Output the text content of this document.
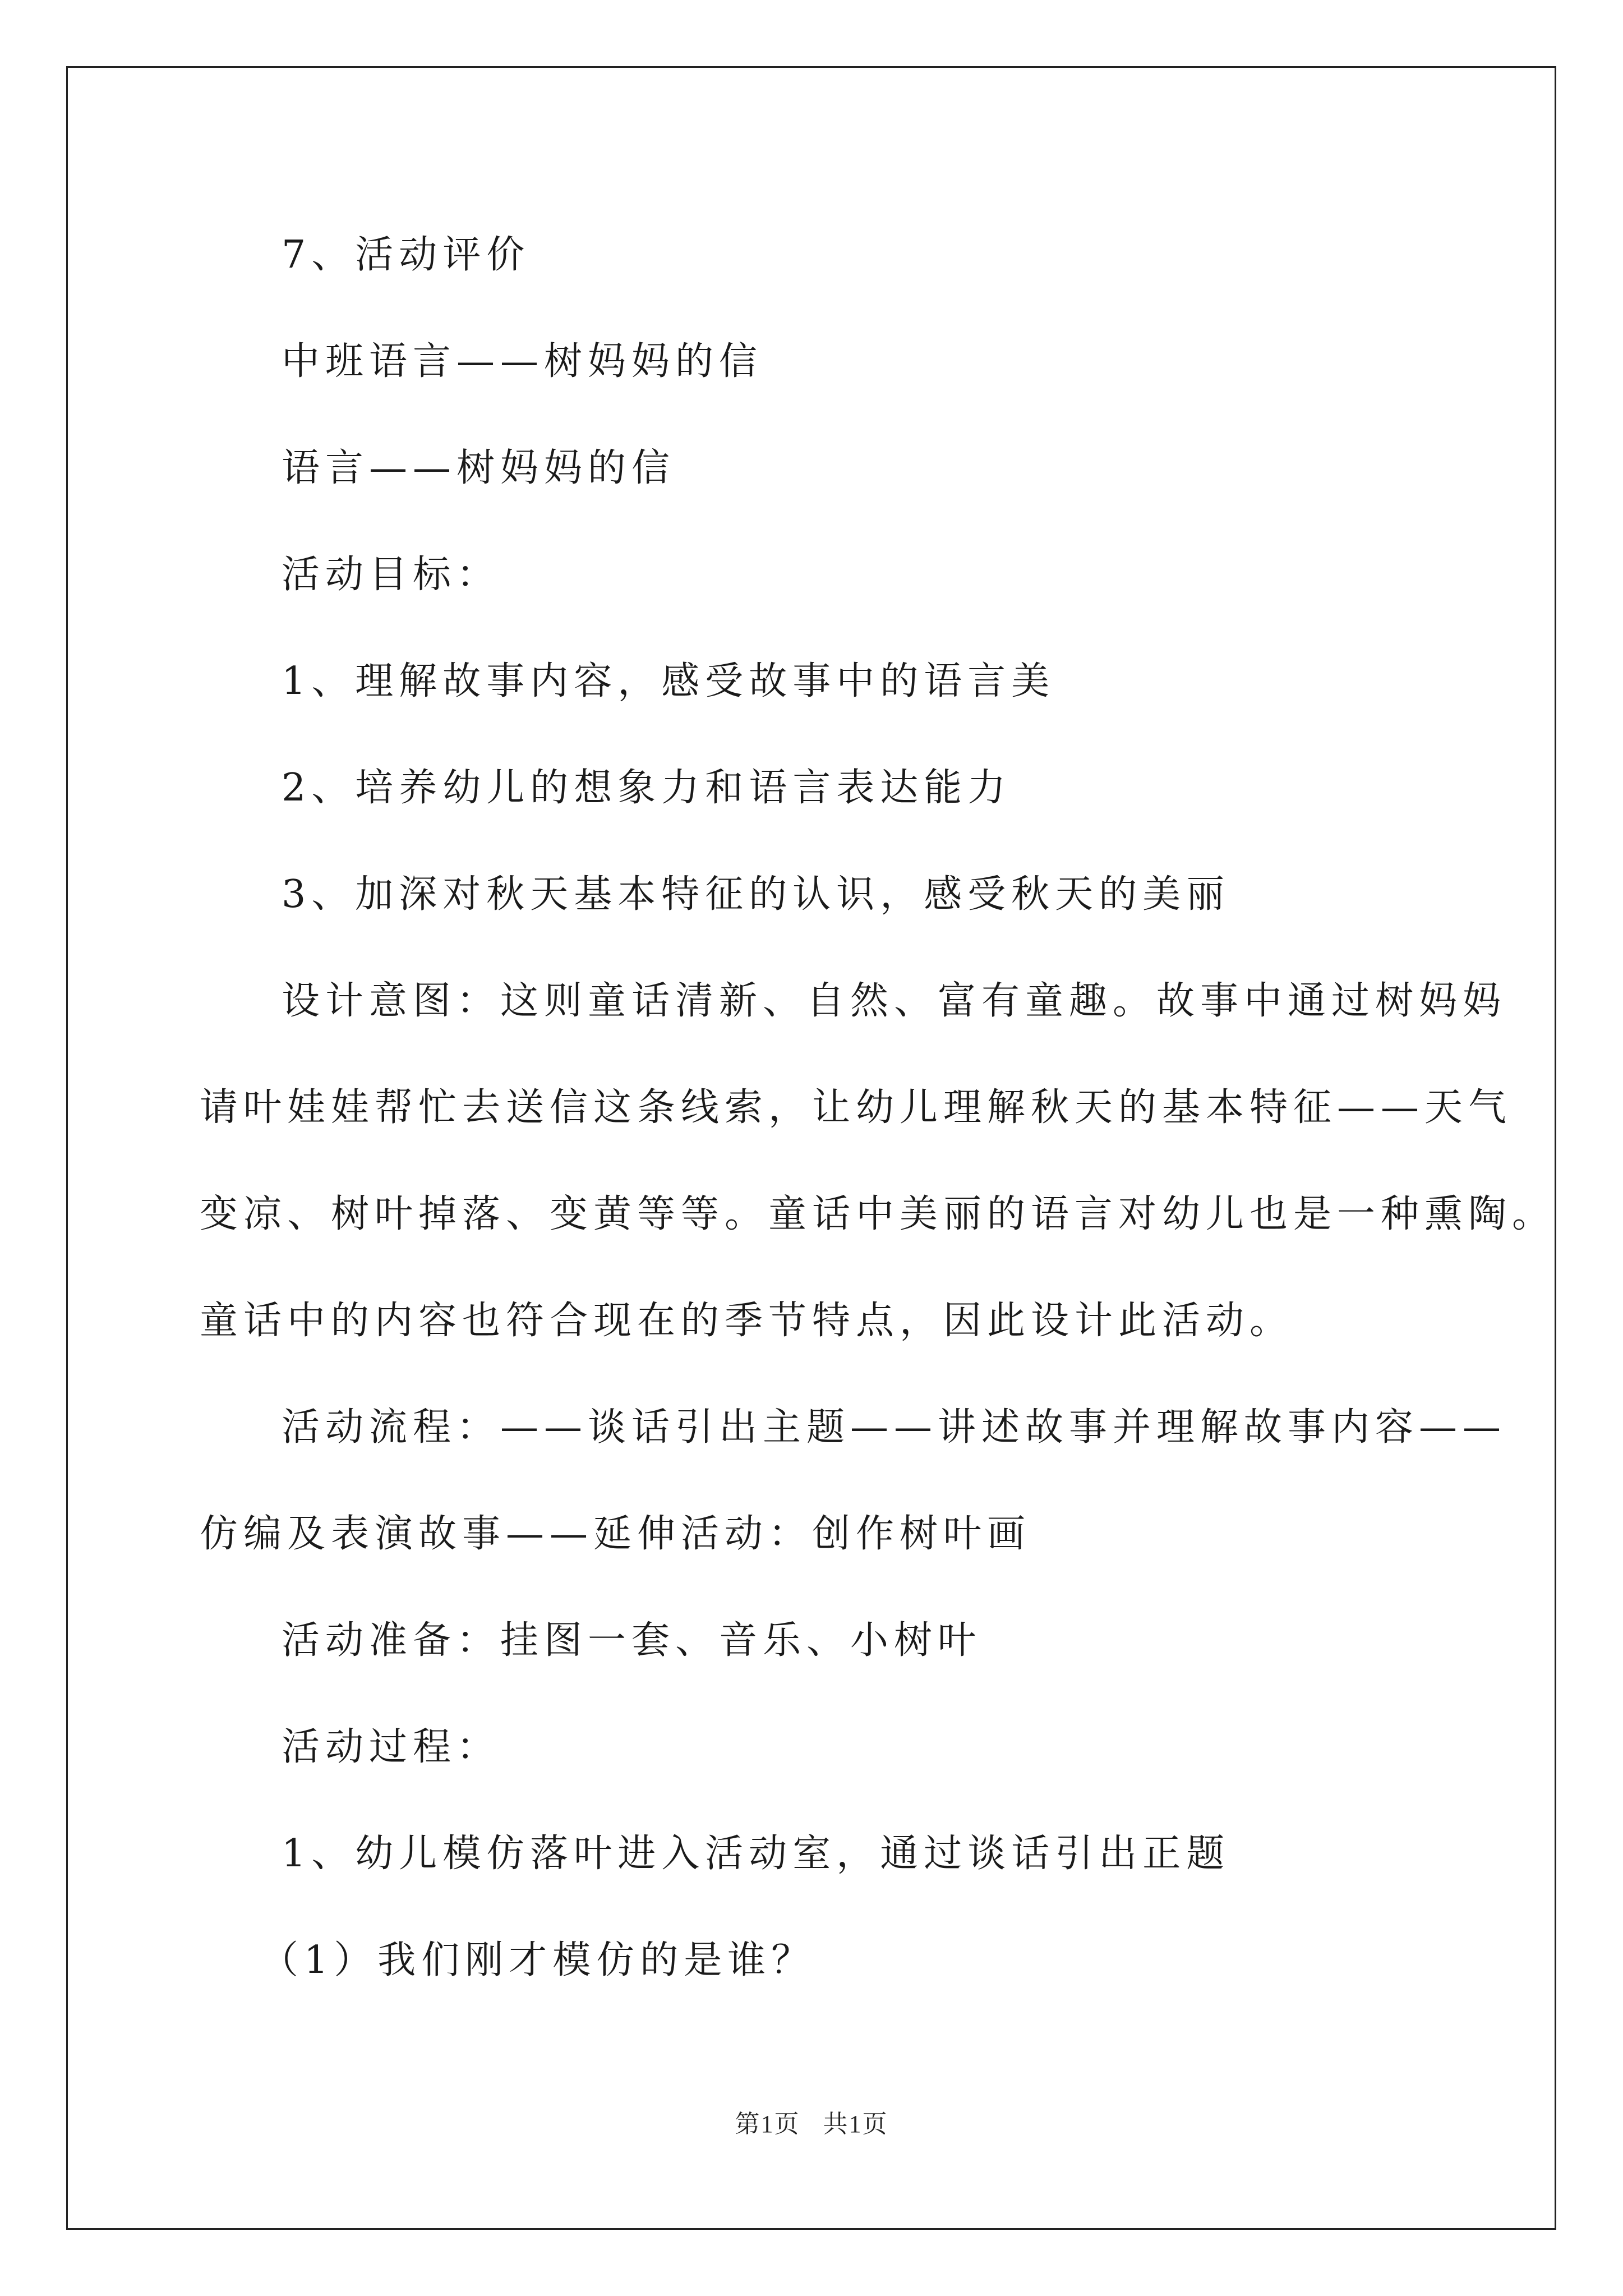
7、活动评价

中班语言——树妈妈的信

语言——树妈妈的信

活动目标：

1、理解故事内容，感受故事中的语言美

2、培养幼儿的想象力和语言表达能力

3、加深对秋天基本特征的认识，感受秋天的美丽

设计意图：这则童话清新、自然、富有童趣。故事中通过树妈妈

请叶娃娃帮忙去送信这条线索，让幼儿理解秋天的基本特征——天气

变凉、树叶掉落、变黄等等。童话中美丽的语言对幼儿也是一种熏陶。

童话中的内容也符合现在的季节特点，因此设计此活动。

活动流程：——谈话引出主题——讲述故事并理解故事内容——

仿编及表演故事——延伸活动：创作树叶画

活动准备：挂图一套、音乐、小树叶

活动过程：

1、幼儿模仿落叶进入活动室，通过谈话引出正题

（1）我们刚才模仿的是谁？

第1页 共1页
